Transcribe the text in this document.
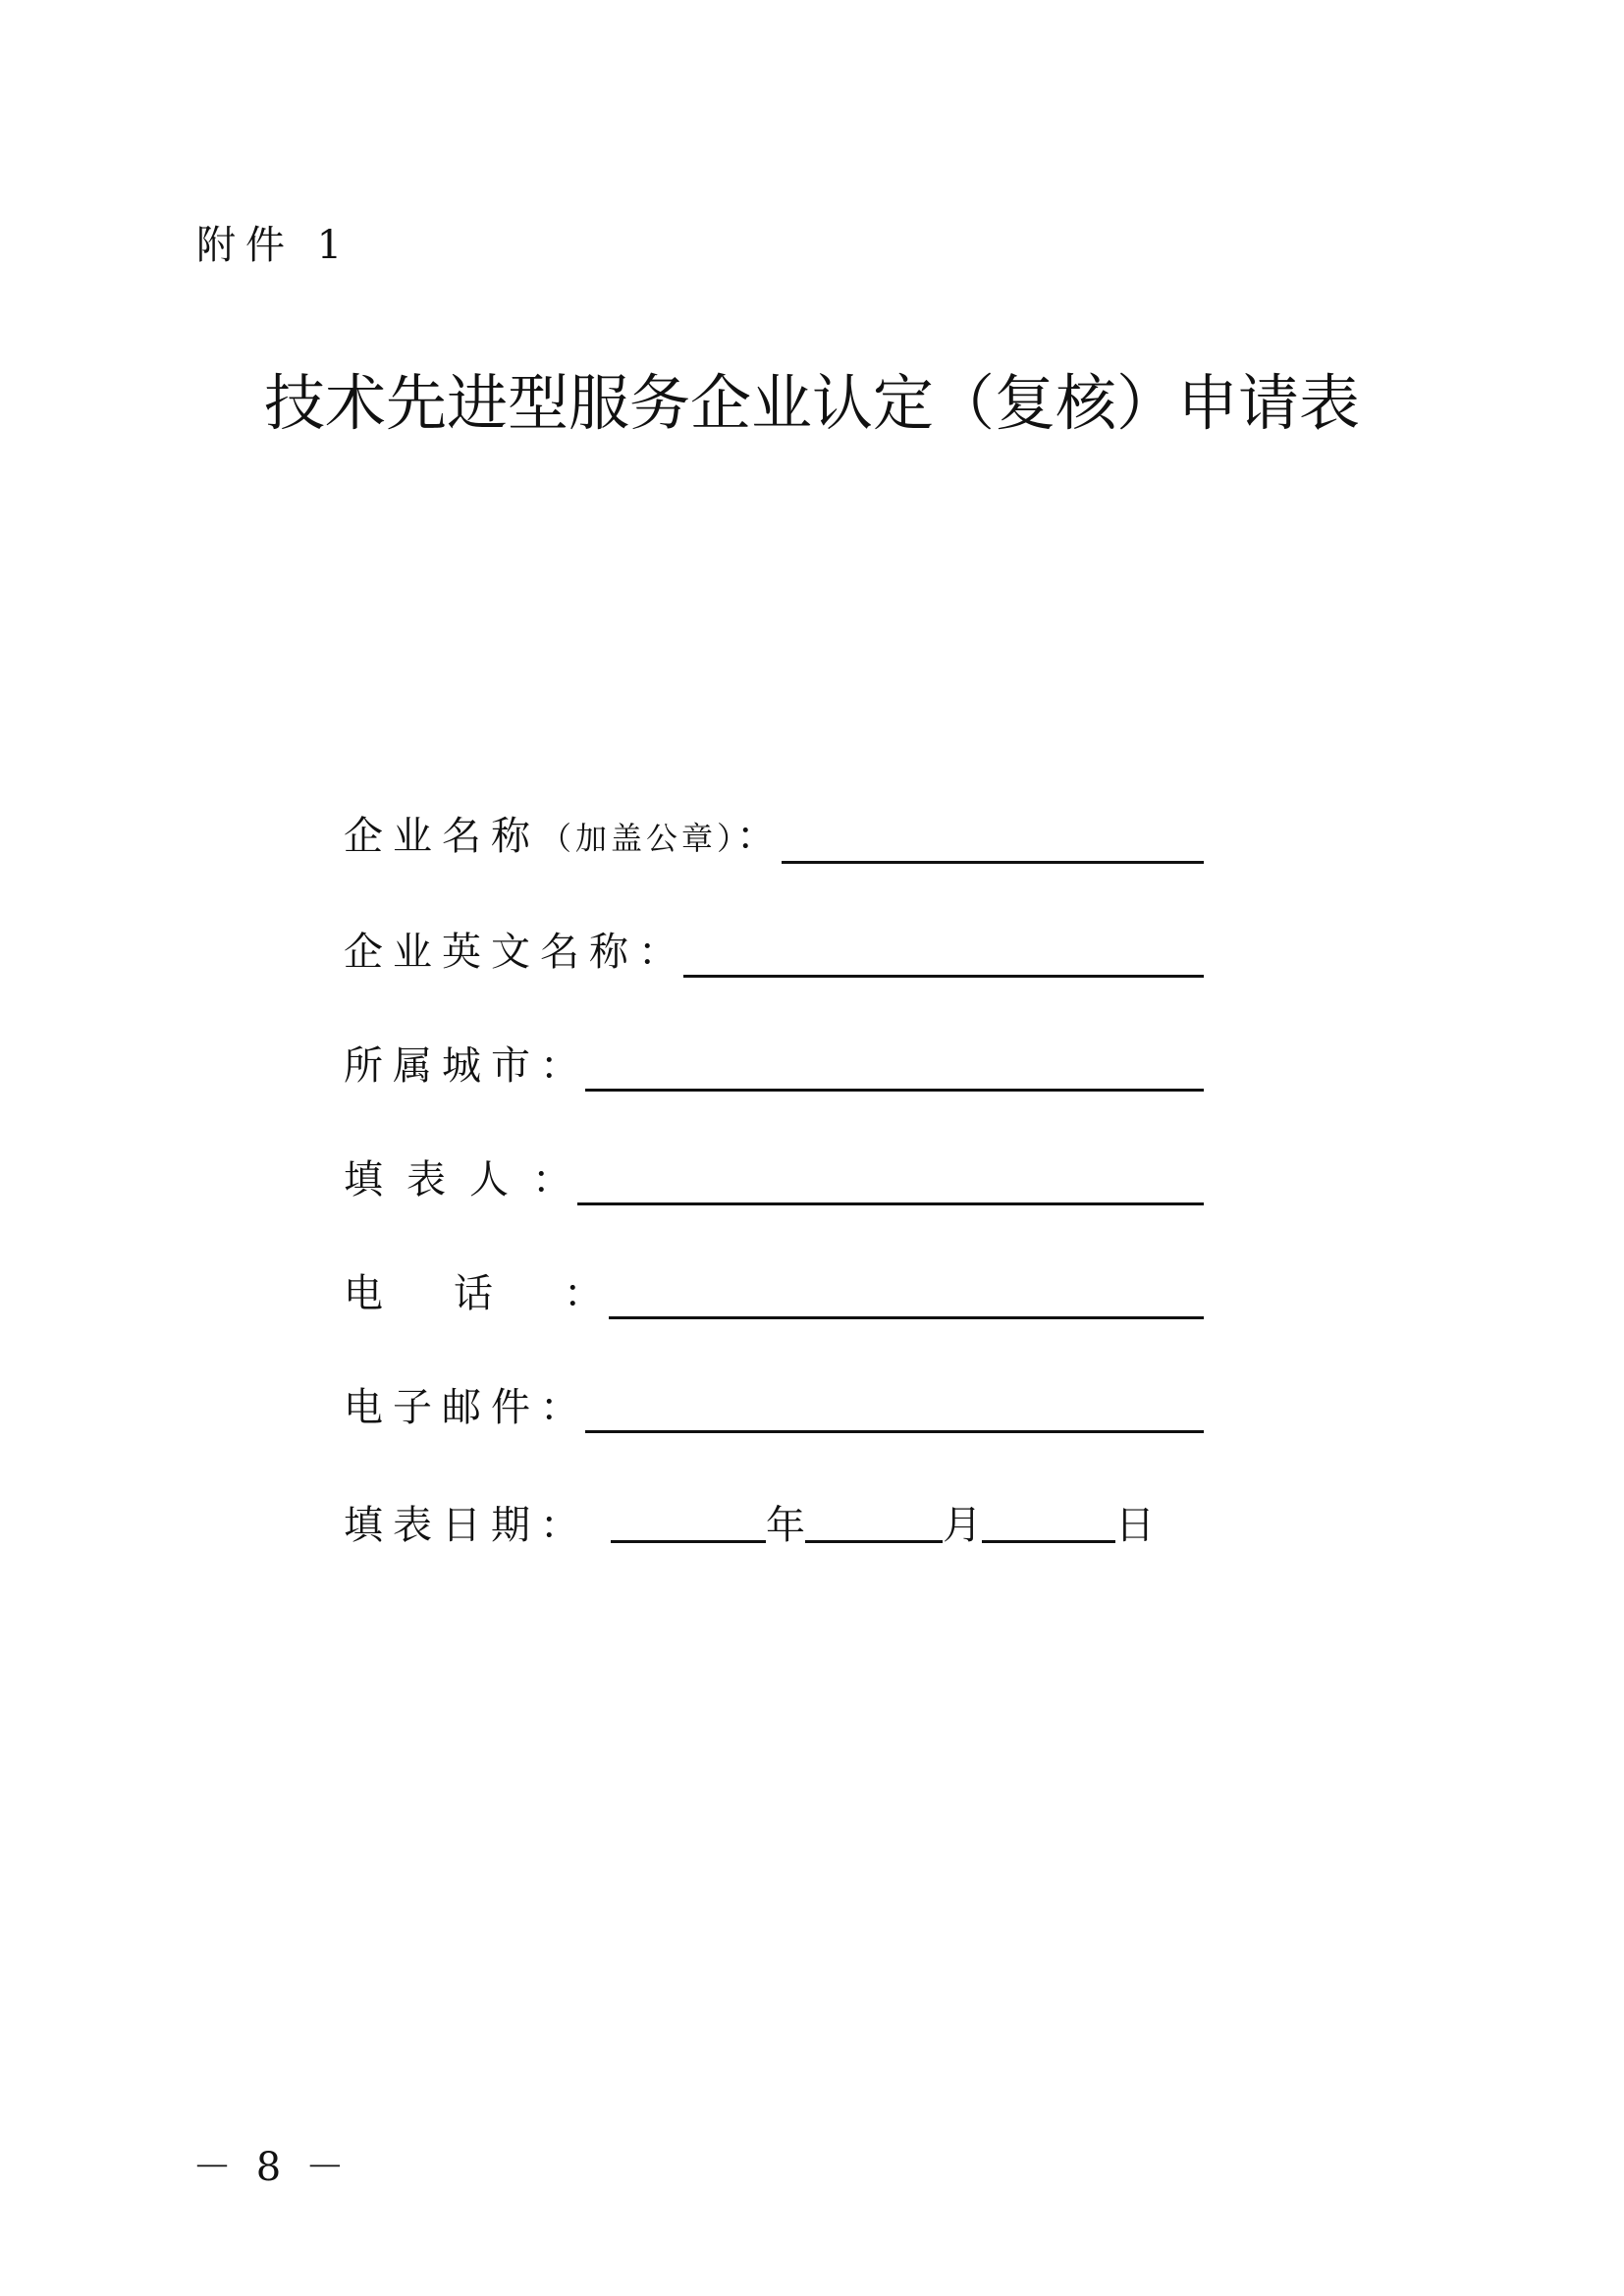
附件 1
技术先进型服务企业认定（复核）申请表
企业名称（加盖公章）：
企业英文名称：
所属城市：
填表人：
电话：
电子邮件：
填表日期：	年	月	日
－ 8 －
